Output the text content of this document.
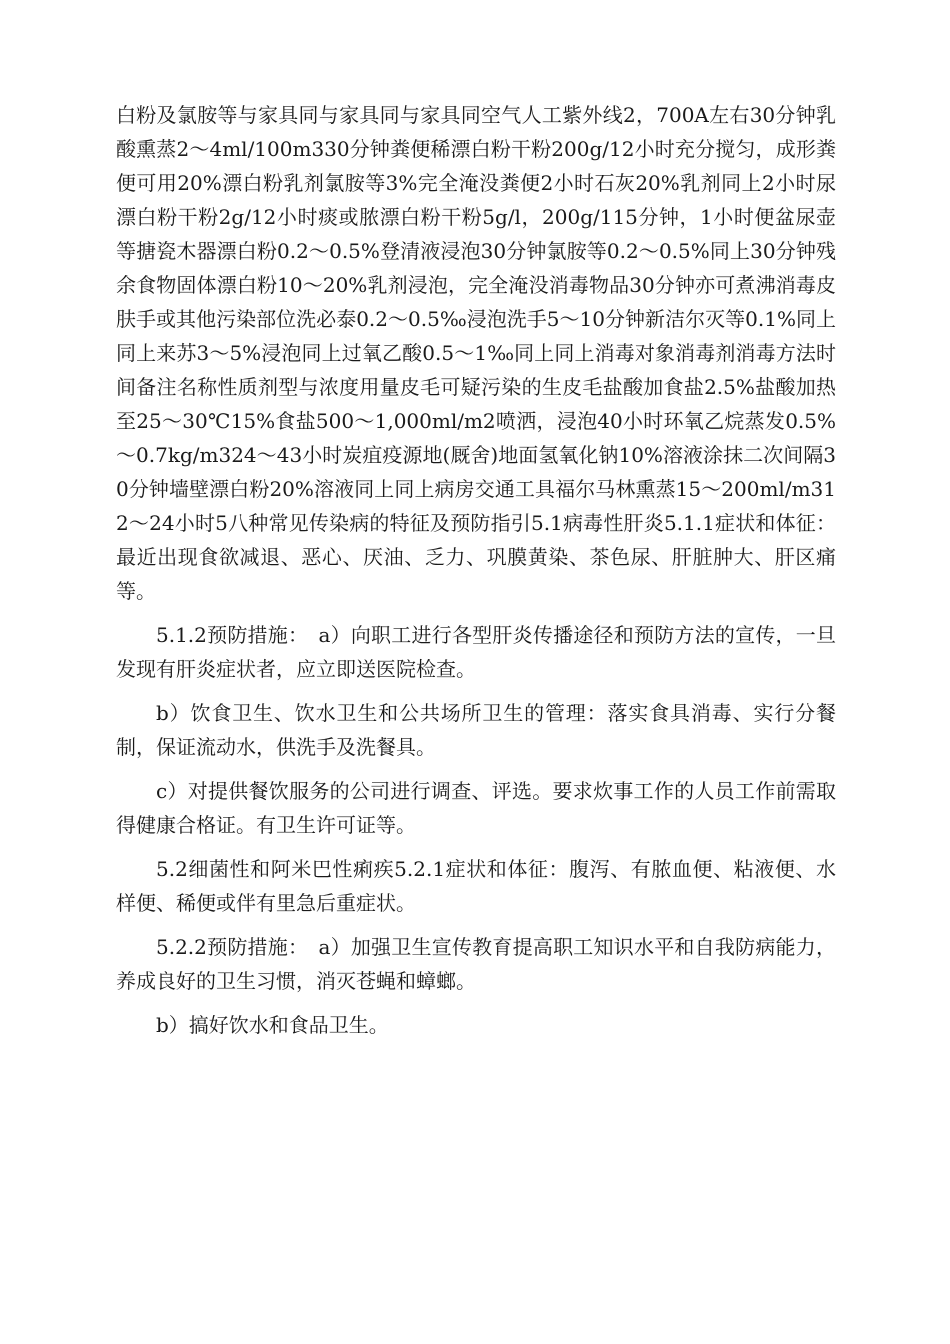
白粉及氯胺等与家具同与家具同与家具同空气人工紫外线2，700A左右30分钟乳酸熏蒸2～4ml/100m330分钟粪便稀漂白粉干粉200g/12小时充分搅匀，成形粪便可用20%漂白粉乳剂氯胺等3%完全淹没粪便2小时石灰20%乳剂同上2小时尿漂白粉干粉2g/12小时痰或脓漂白粉干粉5g/l，200g/115分钟，1小时便盆尿壶等搪瓷木器漂白粉0.2～0.5%登清液浸泡30分钟氯胺等0.2～0.5%同上30分钟残余食物固体漂白粉10～20%乳剂浸泡，完全淹没消毒物品30分钟亦可煮沸消毒皮肤手或其他污染部位洗必泰0.2～0.5‰浸泡洗手5～10分钟新洁尔灭等0.1%同上同上来苏3～5%浸泡同上过氧乙酸0.5～1‰同上同上消毒对象消毒剂消毒方法时间备注名称性质剂型与浓度用量皮毛可疑污染的生皮毛盐酸加食盐2.5%盐酸加热至25～30℃15%食盐500～1,000ml/m2喷洒，浸泡40小时环氧乙烷蒸发0.5%～0.7kg/m324～43小时炭疽疫源地(厩舍)地面氢氧化钠10%溶液涂抹二次间隔30分钟墙壁漂白粉20%溶液同上同上病房交通工具福尔马林熏蒸15～200ml/m312～24小时5八种常见传染病的特征及预防指引5.1病毒性肝炎5.1.1症状和体征：最近出现食欲减退、恶心、厌油、乏力、巩膜黄染、茶色尿、肝脏肿大、肝区痛等。

5.1.2预防措施：　a）向职工进行各型肝炎传播途径和预防方法的宣传，一旦发现有肝炎症状者，应立即送医院检查。

b）饮食卫生、饮水卫生和公共场所卫生的管理：落实食具消毒、实行分餐制，保证流动水，供洗手及洗餐具。

c）对提供餐饮服务的公司进行调查、评选。要求炊事工作的人员工作前需取得健康合格证。有卫生许可证等。

5.2细菌性和阿米巴性痢疾5.2.1症状和体征：腹泻、有脓血便、粘液便、水样便、稀便或伴有里急后重症状。

5.2.2预防措施：　a）加强卫生宣传教育提高职工知识水平和自我防病能力，养成良好的卫生习惯，消灭苍蝇和蟑螂。

b）搞好饮水和食品卫生。
